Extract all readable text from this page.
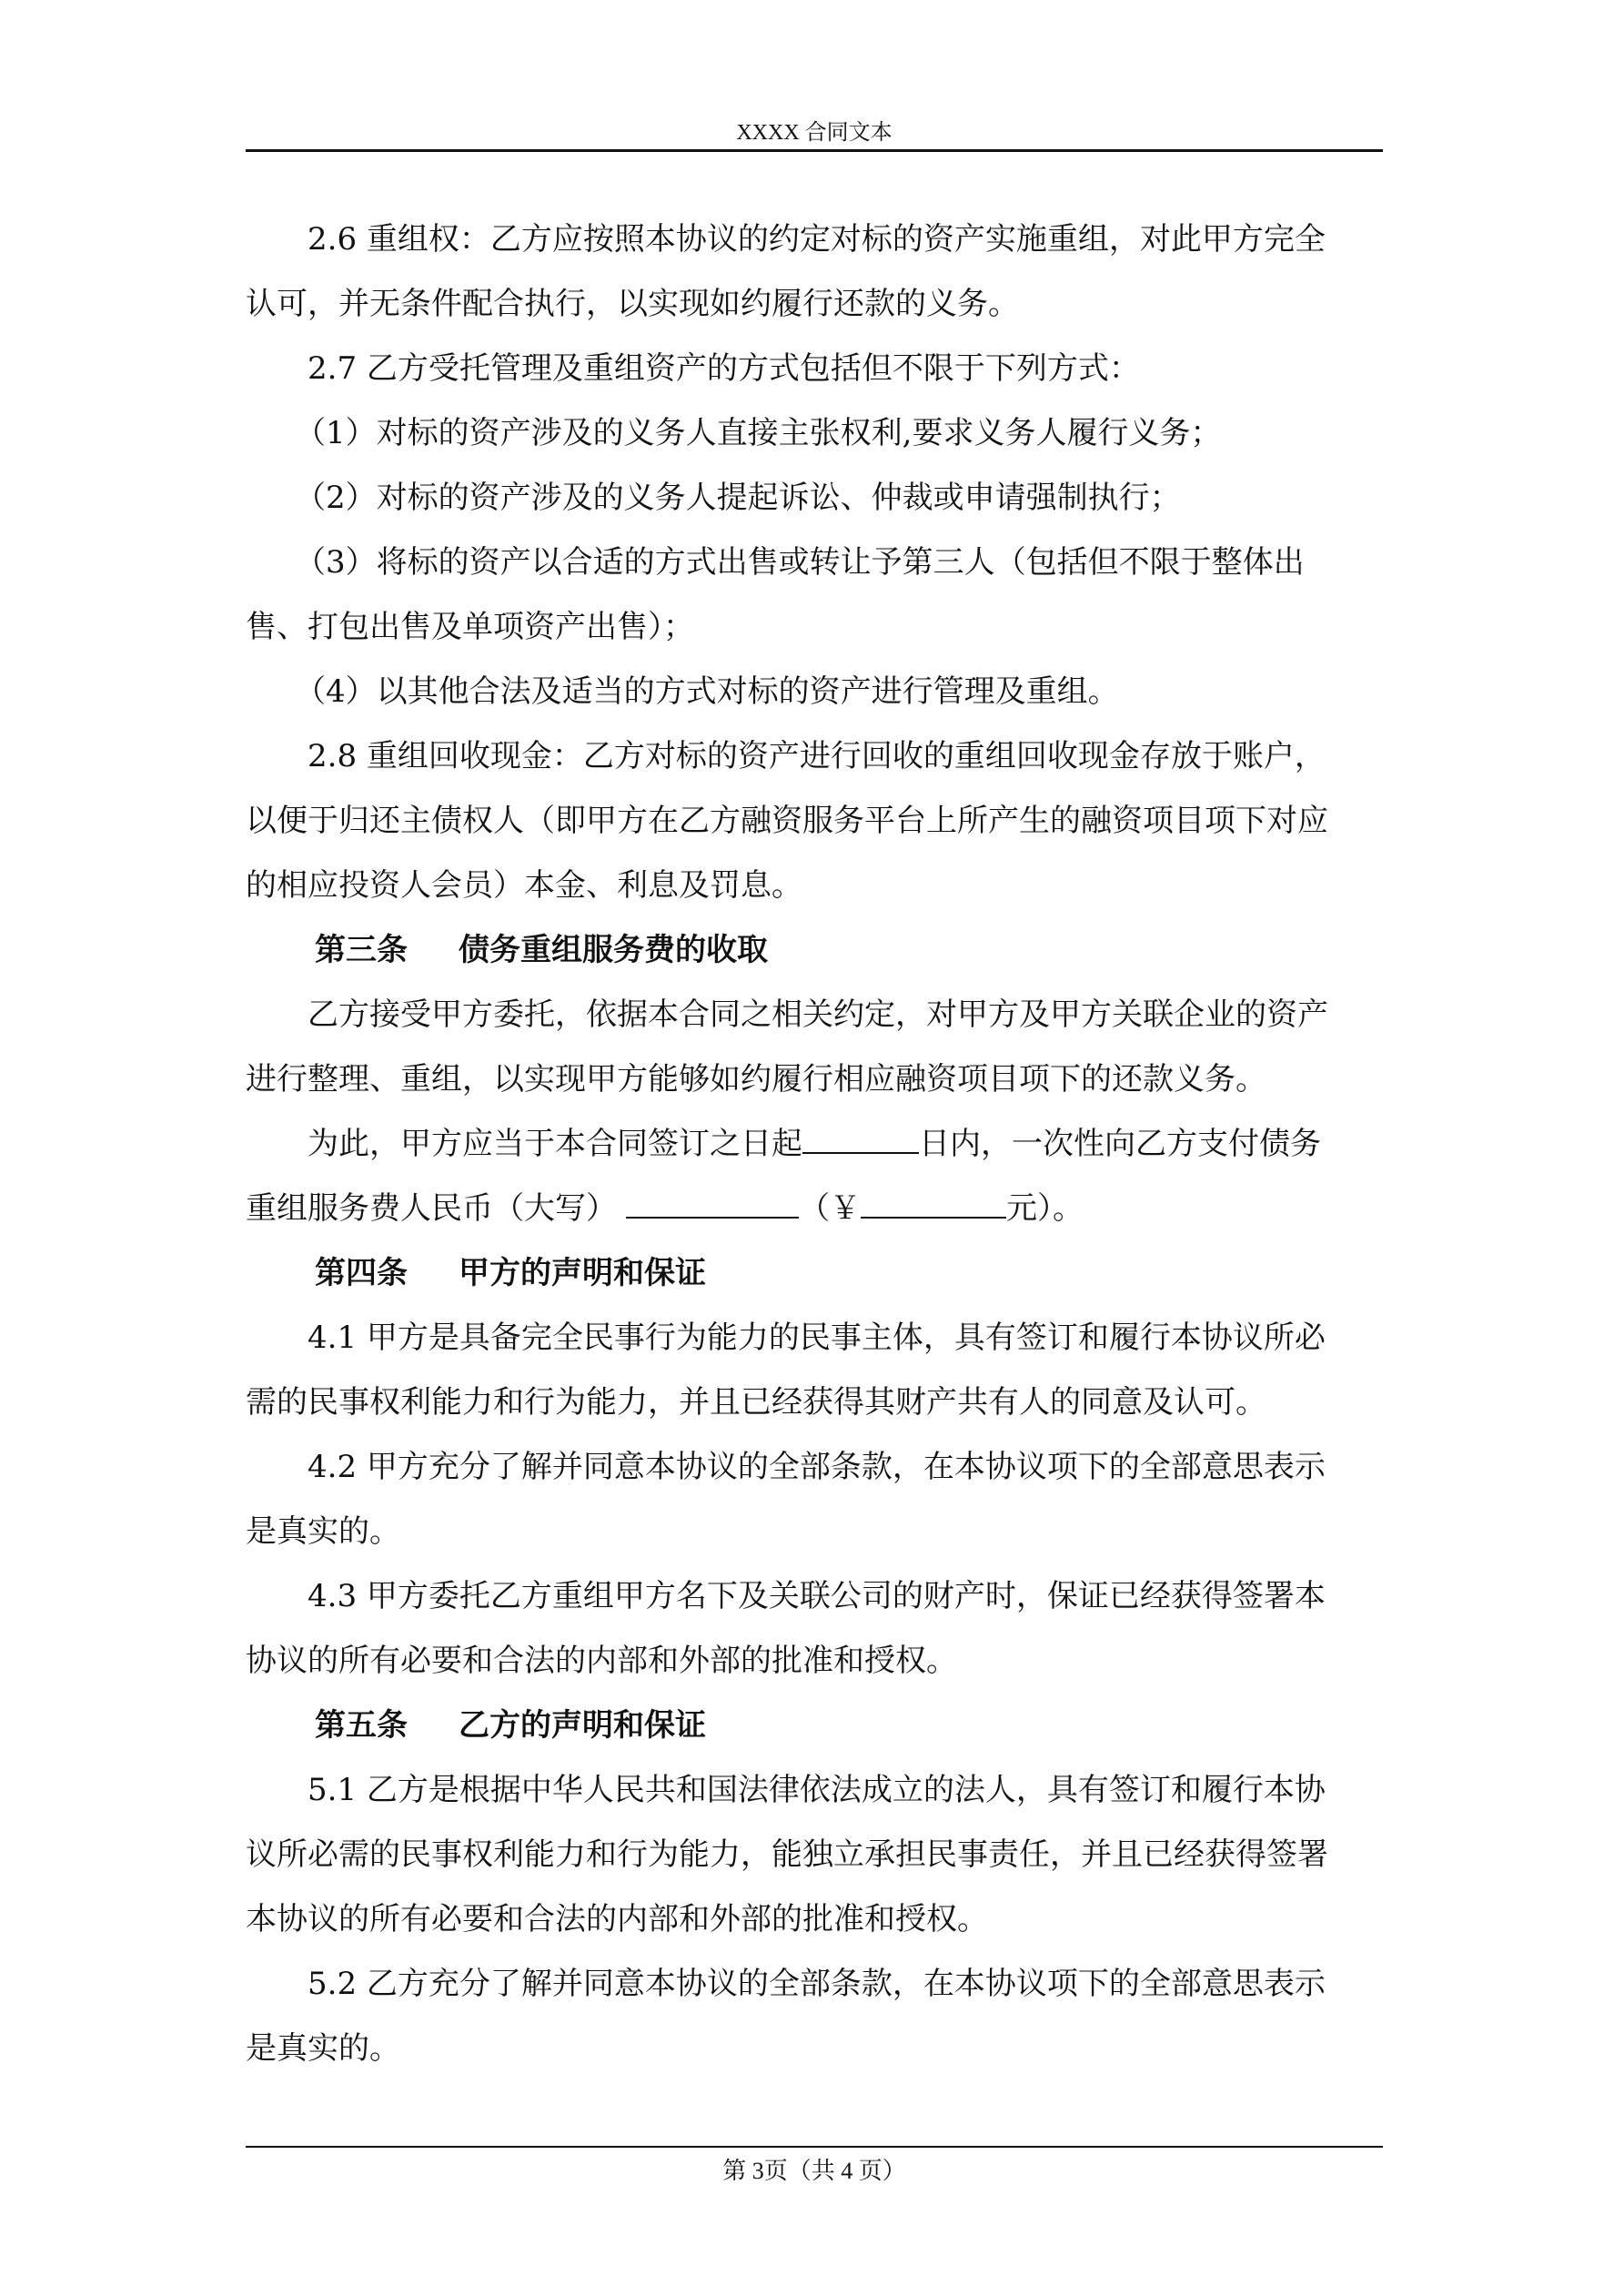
XXXX 合同文本

2.6 重组权：乙方应按照本协议的约定对标的资产实施重组，对此甲方完全

认可，并无条件配合执行，以实现如约履行还款的义务。

2.7 乙方受托管理及重组资产的方式包括但不限于下列方式：

（1）对标的资产涉及的义务人直接主张权利,要求义务人履行义务；

（2）对标的资产涉及的义务人提起诉讼、仲裁或申请强制执行；

（3）将标的资产以合适的方式出售或转让予第三人（包括但不限于整体出

售、打包出售及单项资产出售）；

（4）以其他合法及适当的方式对标的资产进行管理及重组。

2.8 重组回收现金：乙方对标的资产进行回收的重组回收现金存放于账户，

以便于归还主债权人（即甲方在乙方融资服务平台上所产生的融资项目项下对应

的相应投资人会员）本金、利息及罚息。

第三条 债务重组服务费的收取

乙方接受甲方委托，依据本合同之相关约定，对甲方及甲方关联企业的资产

进行整理、重组，以实现甲方能够如约履行相应融资项目项下的还款义务。

为此，甲方应当于本合同签订之日起	日内，一次性向乙方支付债务

重组服务费人民币（大写）	（￥	元）。

第四条 甲方的声明和保证

4.1 甲方是具备完全民事行为能力的民事主体，具有签订和履行本协议所必

需的民事权利能力和行为能力，并且已经获得其财产共有人的同意及认可。

4.2 甲方充分了解并同意本协议的全部条款，在本协议项下的全部意思表示

是真实的。

4.3 甲方委托乙方重组甲方名下及关联公司的财产时，保证已经获得签署本

协议的所有必要和合法的内部和外部的批准和授权。

第五条 乙方的声明和保证

5.1 乙方是根据中华人民共和国法律依法成立的法人，具有签订和履行本协

议所必需的民事权利能力和行为能力，能独立承担民事责任，并且已经获得签署

本协议的所有必要和合法的内部和外部的批准和授权。

5.2 乙方充分了解并同意本协议的全部条款，在本协议项下的全部意思表示

是真实的。

第 3页（共 4 页）
